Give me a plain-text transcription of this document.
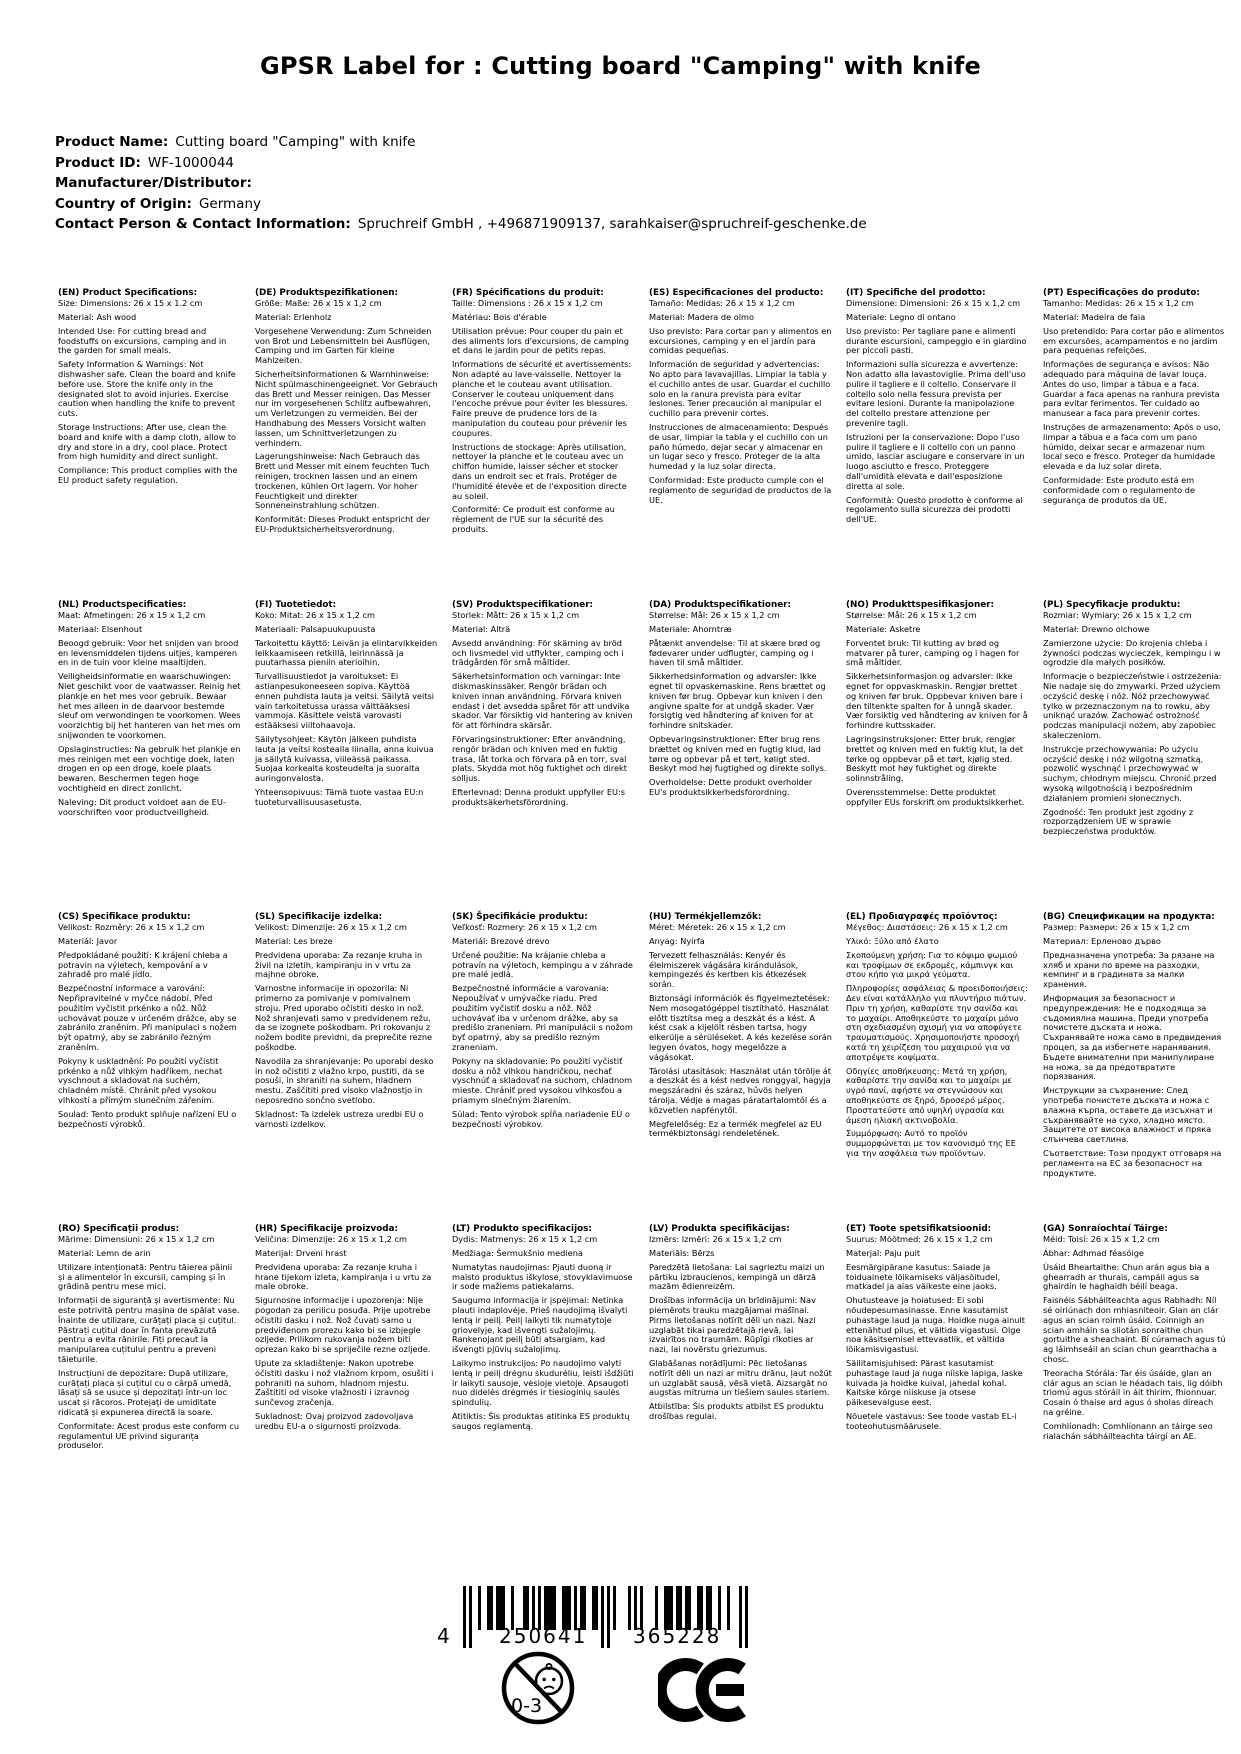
GPSR Label for : Cutting board "Camping" with knife
Product Name: Cutting board "Camping" with knife
Product ID: WF-1000044
Manufacturer/Distributor:
Country of Origin: Germany
Contact Person & Contact Information: Spruchreif GmbH , +496871909137, sarahkaiser@spruchreif-geschenke.de
(EN) Product Specifications:

Size: Dimensions: 26 x 15 x 1.2 cm

Material: Ash wood

Intended Use: For cutting bread and foodstuffs on excursions, camping and in the garden for small meals.

Safety Information & Warnings: Not dishwasher safe. Clean the board and knife before use. Store the knife only in the designated slot to avoid injuries. Exercise caution when handling the knife to prevent cuts.

Storage Instructions: After use, clean the board and knife with a damp cloth, allow to dry and store in a dry, cool place. Protect from high humidity and direct sunlight.

Compliance: This product complies with the EU product safety regulation.

(DE) Produktspezifikationen:

Größe: Maße: 26 x 15 x 1,2 cm

Material: Erlenholz

Vorgesehene Verwendung: Zum Schneiden von Brot und Lebensmitteln bei Ausflügen, Camping und im Garten für kleine Mahlzeiten.

Sicherheitsinformationen & Warnhinweise: Nicht spülmaschinengeeignet. Vor Gebrauch das Brett und Messer reinigen. Das Messer nur im vorgesehenen Schlitz aufbewahren, um Verletzungen zu vermeiden. Bei der Handhabung des Messers Vorsicht walten lassen, um Schnittverletzungen zu verhindern.

Lagerungshinweise: Nach Gebrauch das Brett und Messer mit einem feuchten Tuch reinigen, trocknen lassen und an einem trockenen, kühlen Ort lagern. Vor hoher Feuchtigkeit und direkter Sonneneinstrahlung schützen.

Konformität: Dieses Produkt entspricht der EU-Produktsicherheitsverordnung.

(FR) Spécifications du produit:

Taille: Dimensions : 26 x 15 x 1,2 cm

Matériau: Bois d'érable

Utilisation prévue: Pour couper du pain et des aliments lors d'excursions, de camping et dans le jardin pour de petits repas.

Informations de sécurité et avertissements: Non adapté au lave-vaisselle. Nettoyer la planche et le couteau avant utilisation. Conserver le couteau uniquement dans l'encoche prévue pour éviter les blessures. Faire preuve de prudence lors de la manipulation du couteau pour prévenir les coupures.

Instructions de stockage: Après utilisation, nettoyer la planche et le couteau avec un chiffon humide, laisser sécher et stocker dans un endroit sec et frais. Protéger de l'humidité élevée et de l'exposition directe au soleil.

Conformité: Ce produit est conforme au règlement de l'UE sur la sécurité des produits.

(ES) Especificaciones del producto:

Tamaño: Medidas: 26 x 15 x 1,2 cm

Material: Madera de olmo

Uso previsto: Para cortar pan y alimentos en excursiones, camping y en el jardín para comidas pequeñas.

Información de seguridad y advertencias: No apto para lavavajillas. Limpiar la tabla y el cuchillo antes de usar. Guardar el cuchillo solo en la ranura prevista para evitar lesiones. Tener precaución al manipular el cuchillo para prevenir cortes.

Instrucciones de almacenamiento: Después de usar, limpiar la tabla y el cuchillo con un paño húmedo, dejar secar y almacenar en un lugar seco y fresco. Proteger de la alta humedad y la luz solar directa.

Conformidad: Este producto cumple con el reglamento de seguridad de productos de la UE.

(IT) Specifiche del prodotto:

Dimensione: Dimensioni: 26 x 15 x 1,2 cm

Materiale: Legno di ontano

Uso previsto: Per tagliare pane e alimenti durante escursioni, campeggio e in giardino per piccoli pasti.

Informazioni sulla sicurezza e avvertenze: Non adatto alla lavastoviglie. Prima dell'uso pulire il tagliere e il coltello. Conservare il coltello solo nella fessura prevista per evitare lesioni. Durante la manipolazione del coltello prestare attenzione per prevenire tagli.

Istruzioni per la conservazione: Dopo l'uso pulire il tagliere e il coltello con un panno umido, lasciar asciugare e conservare in un luogo asciutto e fresco. Proteggere dall'umidità elevata e dall'esposizione diretta al sole.

Conformità: Questo prodotto è conforme al regolamento sulla sicurezza dei prodotti dell'UE.

(PT) Especificações do produto:

Tamanho: Medidas: 26 x 15 x 1,2 cm

Material: Madeira de faia

Uso pretendido: Para cortar pão e alimentos em excursões, acampamentos e no jardim para pequenas refeições.

Informações de segurança e avisos: Não adequado para máquina de lavar louça. Antes do uso, limpar a tábua e a faca. Guardar a faca apenas na ranhura prevista para evitar ferimentos. Ter cuidado ao manusear a faca para prevenir cortes.

Instruções de armazenamento: Após o uso, limpar a tábua e a faca com um pano húmido, deixar secar e armazenar num local seco e fresco. Proteger da humidade elevada e da luz solar direta.

Conformidade: Este produto está em conformidade com o regulamento de segurança de produtos da UE.

(NL) Productspecificaties:

Maat: Afmetingen: 26 x 15 x 1,2 cm

Materiaal: Elsenhout

Beoogd gebruik: Voor het snijden van brood en levensmiddelen tijdens uitjes, kamperen en in de tuin voor kleine maaltijden.

Veiligheidsinformatie en waarschuwingen: Niet geschikt voor de vaatwasser. Reinig het plankje en het mes voor gebruik. Bewaar het mes alleen in de daarvoor bestemde sleuf om verwondingen te voorkomen. Wees voorzichtig bij het hanteren van het mes om snijwonden te voorkomen.

Opslaginstructies: Na gebruik het plankje en mes reinigen met een vochtige doek, laten drogen en op een droge, koele plaats bewaren. Beschermen tegen hoge vochtigheid en direct zonlicht.

Naleving: Dit product voldoet aan de EU-voorschriften voor productveiligheid.

(FI) Tuotetiedot:

Koko: Mitat: 26 x 15 x 1,2 cm

Materiaali: Palsapuukupuusta

Tarkoitettu käyttö: Leivän ja elintarvikkeiden leikkaamiseen retkillä, leirinnässä ja puutarhassa pieniin aterioihin.

Turvallisuustiedot ja varoitukset: Ei astianpesukoneeseen sopiva. Käyttöä ennen puhdista lauta ja veitsi. Säilytä veitsi vain tarkoitetussa urassa välttääksesi vammoja. Käsittele veistä varovasti estääksesi viiltohaavoja.

Säilytysohjeet: Käytön jälkeen puhdista lauta ja veitsi kostealla liinalla, anna kuivua ja säilytä kuivassa, viileässä paikassa. Suojaa korkealta kosteudelta ja suoralta auringonvalosta.

Yhteensopivuus: Tämä tuote vastaa EU:n tuoteturvallisuusasetusta.

(SV) Produktspecifikationer:

Storlek: Mått: 26 x 15 x 1,2 cm

Material: Alträ

Avsedd användning: För skärning av bröd och livsmedel vid utflykter, camping och i trädgården för små måltider.

Säkerhetsinformation och varningar: Inte diskmaskinssäker. Rengör brädan och kniven innan användning. Förvara kniven endast i det avsedda spåret för att undvika skador. Var försiktig vid hantering av kniven för att förhindra skärsår.

Förvaringsinstruktioner: Efter användning, rengör brädan och kniven med en fuktig trasa, låt torka och förvara på en torr, sval plats. Skydda mot hög fuktighet och direkt solljus.

Efterlevnad: Denna produkt uppfyller EU:s produktsäkerhetsförordning.

(DA) Produktspecifikationer:

Størrelse: Mål: 26 x 15 x 1,2 cm

Materiale: Ahorntræ

Påtænkt anvendelse: Til at skære brød og fødevarer under udflugter, camping og i haven til små måltider.

Sikkerhedsinformation og advarsler: Ikke egnet til opvaskemaskine. Rens brættet og kniven før brug. Opbevar kun kniven i den angivne spalte for at undgå skader. Vær forsigtig ved håndtering af kniven for at forhindre snitskader.

Opbevaringsinstruktioner: Efter brug rens brættet og kniven med en fugtig klud, lad tørre og opbevar på et tørt, køligt sted. Beskyt mod høj fugtighed og direkte sollys.

Overholdelse: Dette produkt overholder EU's produktsikkerhedsforordning.

(NO) Produkttspesifikasjoner:

Størrelse: Mål: 26 x 15 x 1,2 cm

Materiale: Asketre

Forventet bruk: Til kutting av brød og matvarer på turer, camping og i hagen for små måltider.

Sikkerhetsinformasjon og advarsler: Ikke egnet for oppvaskmaskin. Rengjør brettet og kniven før bruk. Oppbevar kniven bare i den tiltenkte spalten for å unngå skader. Vær forsiktig ved håndtering av kniven for å forhindre kuttsskader.

Lagringsinstruksjoner: Etter bruk, rengjør brettet og kniven med en fuktig klut, la det tørke og oppbevar på et tørt, kjølig sted. Beskytt mot høy fuktighet og direkte solinnstråling.

Overensstemmelse: Dette produktet oppfyller EUs forskrift om produktsikkerhet.

(PL) Specyfikacje produktu:

Rozmiar: Wymiary: 26 x 15 x 1,2 cm

Materiał: Drewno olchowe

Zamierzone użycie: Do krojenia chleba i żywności podczas wycieczek, kempingu i w ogrodzie dla małych posiłków.

Informacje o bezpieczeństwie i ostrzeżenia: Nie nadaje się do zmywarki. Przed użyciem oczyścić deskę i nóż. Nóż przechowywać tylko w przeznaczonym na to rowku, aby uniknąć urazów. Zachować ostrożność podczas manipulacji nożem, aby zapobiec skaleczeniom.

Instrukcje przechowywania: Po użyciu oczyścić deskę i nóż wilgotną szmatką, pozwolić wyschnąć i przechowywać w suchym, chłodnym miejscu. Chronić przed wysoką wilgotnością i bezpośrednim działaniem promieni słonecznych.

Zgodność: Ten produkt jest zgodny z rozporządzeniem UE w sprawie bezpieczeństwa produktów.

(CS) Specifikace produktu:

Velikost: Rozměry: 26 x 15 x 1,2 cm

Materiál: Javor

Předpokládané použití: K krájení chleba a potravin na výletech, kempování a v zahradě pro malé jídlo.

Bezpečnostní informace a varování: Nepřipravitelné v myčce nádobí. Před použitím vyčistit prkénko a nůž. Nůž uchovávat pouze v určeném drážce, aby se zabránilo zraněním. Při manipulaci s nožem být opatrný, aby se zabránilo řezným zraněním.

Pokyny k uskladnění: Po použití vyčistit prkénko a nůž vlhkým hadříkem, nechat vyschnout a skladovat na suchém, chladném místě. Chránit před vysokou vlhkostí a přímým slunečním zářením.

Soulad: Tento produkt splňuje nařízení EU o bezpečnosti výrobků.

(SL) Specifikacije izdelka:

Velikost: Dimenzije: 26 x 15 x 1,2 cm

Material: Les breze

Predvidena uporaba: Za rezanje kruha in živil na izletih, kampiranju in v vrtu za majhne obroke.

Varnostne informacije in opozorila: Ni primerno za pomivanje v pomivalnem stroju. Pred uporabo očistiti desko in nož. Nož shranjevati samo v predvidenem režu, da se izognete poškodbam. Pri rokovanju z nožem bodite previdni, da preprečite rezne poškodbe.

Navodila za shranjevanje: Po uporabi desko in nož očistiti z vlažno krpo, pustiti, da se posuši, in shraniti na suhem, hladnem mestu. Zaščititi pred visoko vlažnostjo in neposredno sončno svetlobo.

Skladnost: Ta izdelek ustreza uredbi EU o varnosti izdelkov.

(SK) Špecifikácie produktu:

Veľkosť: Rozmery: 26 x 15 x 1,2 cm

Materiál: Brezové drevo

Určené použitie: Na krájanie chleba a potravín na výletoch, kempingu a v záhrade pre malé jedlá.

Bezpečnostné informácie a varovania: Nepoužívať v umývačke riadu. Pred použitím vyčistiť dosku a nôž. Nôž uchovávať iba v určenom drážke, aby sa predišlo zraneniam. Pri manipulácii s nožom byť opatrný, aby sa predišlo rezným zraneniam.

Pokyny na skladovanie: Po použití vyčistiť dosku a nôž vlhkou handričkou, nechať vyschnúť a skladovať na suchom, chladnom mieste. Chrániť pred vysokou vlhkosťou a priamym slnečným žiarením.

Súlad: Tento výrobok spĺňa nariadenie EÚ o bezpečnosti výrobkov.

(HU) Termékjellemzők:

Méret: Méretek: 26 x 15 x 1,2 cm

Anyag: Nyírfa

Tervezett felhasználás: Kenyér és élelmiszerek vágására kirándulások, kempingezés és kertben kis étkezések során.

Biztonsági információk és figyelmeztetések: Nem mosogatógéppel tisztítható. Használat előtt tisztítsa meg a deszkát és a kést. A kést csak a kijelölt résben tartsa, hogy elkerülje a sérüléseket. A kés kezelése során legyen óvatos, hogy megelőzze a vágásokat.

Tárolási utasítások: Használat után törölje át a deszkát és a kést nedves ronggyal, hagyja megszáradni és száraz, hűvös helyen tárolja. Védje a magas páratartalomtól és a közvetlen napfénytől.

Megfelelőség: Ez a termék megfelel az EU termékbiztonsági rendeletének.

(EL) Προδιαγραφές προϊόντος:

Μέγεθος: Διαστάσεις: 26 x 15 x 1,2 cm

Υλικό: Ξύλο από έλατο

Σκοπούμενη χρήση: Για το κόψιμο ψωμιού και τροφίμων σε εκδρομές, κάμπινγκ και στου κήπο για μικρά γεύματα.

Πληροφορίες ασφάλειας & προειδοποιήσεις: Δεν είναι κατάλληλο για πλυντήριο πιάτων. Πριν τη χρήση, καθαρίστε την σανίδα και το μαχαίρι. Αποθηκεύστε το μαχαίρι μόνο στη σχεδιασμένη σχισμή για να αποφύγετε τραυματισμούς. Χρησιμοποιήστε προσοχή κατά τη χειρίζεση του μαχαιριού για να αποτρέψετε κοψίματα.

Οδηγίες αποθήκευσης: Μετά τη χρήση, καθαρίστε την σανίδα και το μαχαίρι με υγρό πανί, αφήστε να στεγνώσουν και αποθηκεύστε σε ξηρό, δροσερό μέρος. Προστατεύστε από υψηλή υγρασία και άμεση ηλιακή ακτινοβολία.

Συμμόρφωση: Αυτό το προϊόν συμμορφώνεται με τον κανονισμό της ΕΕ για την ασφάλεια των προϊόντων.

(BG) Спецификации на продукта:

Размер: Размери: 26 x 15 x 1,2 cm

Материал: Ерленово дърво

Предназначена употреба: За рязане на хляб и храни по време на разходки, кемпинг и в градината за малки хранения.

Информация за безопасност и предупреждения: Не е подходяща за съдомиялна машина. Преди употреба почистете дъската и ножа. Съхранявайте ножа само в предвидения процеп, за да избегнете наранявания. Бъдете внимателни при манипулиране на ножа, за да предотвратите порязвания.

Инструкции за съхранение: След употреба почистете дъската и ножа с влажна кърпа, оставете да изсъхнат и съхранявайте на сухо, хладно място. Защитете от висока влажност и пряка слънчева светлина.

Съответствие: Този продукт отговаря на регламента на ЕС за безопасност на продуктите.

(RO) Specificații produs:

Mărime: Dimensiuni: 26 x 15 x 1,2 cm

Material: Lemn de arin

Utilizare intenționată: Pentru tăierea pâinii și a alimentelor în excursii, camping și în grădină pentru mese mici.

Informații de siguranță și avertismente: Nu este potrivită pentru mașina de spălat vase. Înainte de utilizare, curățați placa și cuțitul. Păstrați cuțitul doar în fanta prevăzută pentru a evita rănirile. Fiți precaut la manipularea cuțitului pentru a preveni tăieturile.

Instrucțiuni de depozitare: După utilizare, curățați placa și cuțitul cu o cârpă umedă, lăsați să se usuce și depozitați într-un loc uscat și răcoros. Protejați de umiditate ridicată și expunerea directă la soare.

Conformitate: Acest produs este conform cu regulamentul UE privind siguranța produselor.

(HR) Specifikacije proizvoda:

Veličina: Dimenzije: 26 x 15 x 1,2 cm

Materijal: Drveni hrast

Predviđena uporaba: Za rezanje kruha i hrane tijekom izleta, kampiranja i u vrtu za male obroke.

Sigurnosne informacije i upozorenja: Nije pogodan za perilicu posuđa. Prije upotrebe očistiti dasku i nož. Nož čuvati samo u predviđenom prorezu kako bi se izbjegle ozljede. Prilikom rukovanja nožem biti oprezan kako bi se spriječile rezne ozljede.

Upute za skladištenje: Nakon upotrebe očistiti dasku i nož vlažnom krpom, osušiti i pohraniti na suhom, hladnom mjestu. Zaštititi od visoke vlažnosti i izravnog sunčevog zračenja.

Sukladnost: Ovaj proizvod zadovoljava uredbu EU-a o sigurnosti proizvoda.

(LT) Produkto specifikacijos:

Dydis: Matmenys: 26 x 15 x 1,2 cm

Medžiaga: Šermukšnio mediena

Numatytas naudojimas: Pjauti duoną ir maisto produktus iškylose, stovyklavimuose ir sode mažiems patiekalams.

Saugumo informacija ir įspėjimai: Netinka plauti indaplovėje. Prieš naudojimą išvalyti lentą ir peilį. Peilį laikyti tik numatytoje griovelyje, kad išvengti sužalojimų. Rankenojant peilį būti atsargiam, kad išvengti pjūvių sužalojimų.

Laikymo instrukcijos: Po naudojimo valyti lentą ir peilį drėgnu skudurėliu, leisti išdžiūti ir laikyti sausoje, vėsioje vietoje. Apsaugoti nuo didelės drėgmės ir tiesioginių saulės spindulių.

Atitiktis: Šis produktas atitinka ES produktų saugos reglamentą.

(LV) Produkta specifikācijas:

Izmērs: Izmēri: 26 x 15 x 1,2 cm

Materiāls: Bērzs

Paredzētā lietošana: Lai sagrieztu maizi un pārtiku izbraucienos, kempingā un dārzā mazām ēdienreizēm.

Drošības informācija un brīdinājumi: Nav piemērots trauku mazgājamai mašīnai. Pirms lietošanas notīrīt dēli un nazi. Nazi uzglabāt tikai paredzētajā rievā, lai izvairītos no traumām. Rūpīgi rīkoties ar nazi, lai novērstu griezumus.

Glabāšanas norādījumi: Pēc lietošanas notīrīt dēli un nazi ar mitru drānu, ļaut nožūt un uzglabāt sausā, vēsā vietā. Aizsargāt no augstas mitruma un tiešiem saules stariem.

Atbilstība: Šis produkts atbilst ES produktu drošības regulai.

(ET) Toote spetsifikatsioonid:

Suurus: Mõõtmed: 26 x 15 x 1,2 cm

Materjal: Paju puit

Eesmärgipärane kasutus: Saiade ja toiduainete lõikamiseks väljasõitudel, matkadel ja aias väikeste eine jaoks.

Ohutusteave ja hoiatused: Ei sobi nõudepesumasinasse. Enne kasutamist puhastage laud ja nuga. Hoidke nuga ainult ettenähtud pilus, et vältida vigastusi. Olge noa käsitsemisel ettevaatlik, et vältida lõikamisvigastusi.

Säilitamisjuhised: Pärast kasutamist puhastage laud ja nuga niiske lapiga, laske kuivada ja hoidke kuival, jahedal kohal. Kaitske kõrge niiskuse ja otsese päikesevalguse eest.

Nõuetele vastavus: See toode vastab EL-i tooteohutusmäärusele.

(GA) Sonraíochtaí Táirge:

Méid: Toisí: 26 x 15 x 1,2 cm

Ábhar: Adhmad féasóige

Úsáid Bheartaithe: Chun arán agus bia a ghearradh ar thurais, campáil agus sa ghairdín le haghaidh béilí beaga.

Faisnéis Sábháilteachta agus Rabhadh: Níl sé oiriúnach don mhiasniteoir. Glan an clár agus an scian roimh úsáid. Coinnigh an scian amháin sa sliotán sonraithe chun gortuithe a sheachaint. Bí cúramach agus tú ag láimhseáil an scian chun gearrthacha a chosc.

Treoracha Stórála: Tar éis úsáide, glan an clár agus an scian le héadach tais, lig dóibh triomú agus stóráil in áit thirim, fhionnuar. Cosain ó thaise ard agus ó sholas díreach na gréine.

Comhlíonadh: Comhlíonann an táirge seo rialachán sábháilteachta táirgí an AE.

4 250641 365228
0-3
